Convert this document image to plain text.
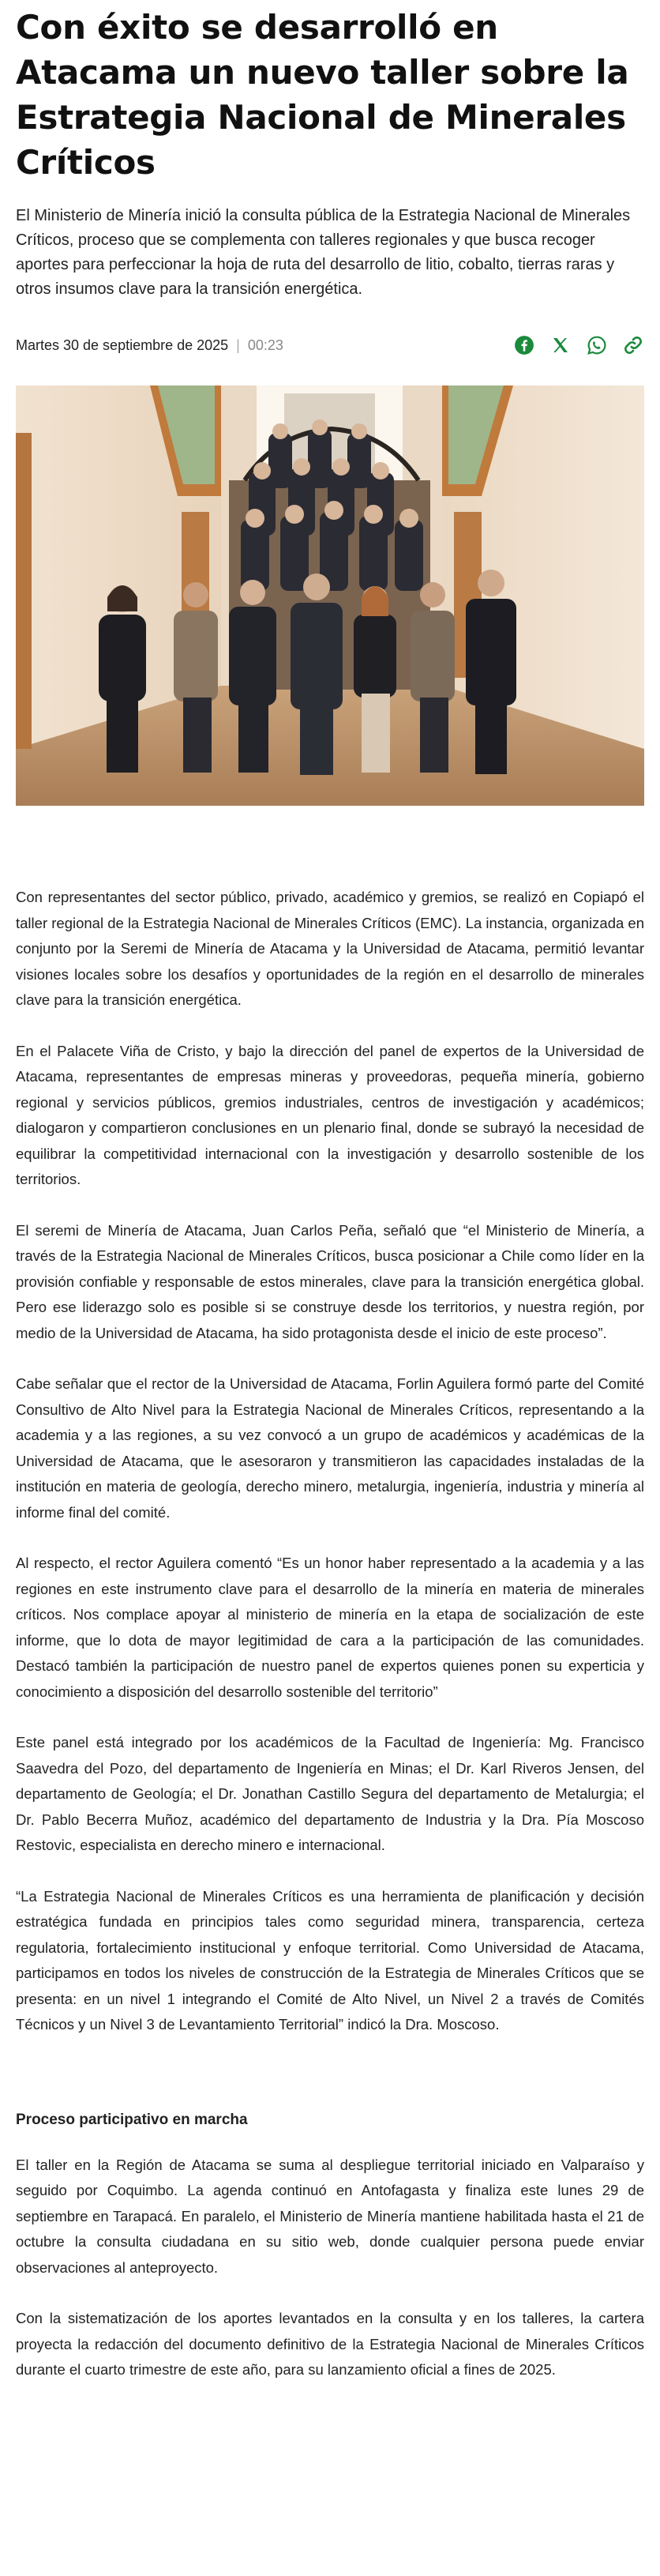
Con éxito se desarrolló en Atacama un nuevo taller sobre la Estrategia Nacional de Minerales Críticos

El Ministerio de Minería inició la consulta pública de la Estrategia Nacional de Minerales Críticos, proceso que se complementa con talleres regionales y que busca recoger aportes para perfeccionar la hoja de ruta del desarrollo de litio, cobalto, tierras raras y otros insumos clave para la transición energética.

Martes 30 de septiembre de 2025 | 00:23

Con representantes del sector público, privado, académico y gremios, se realizó en Copiapó el taller regional de la Estrategia Nacional de Minerales Críticos (EMC). La instancia, organizada en conjunto por la Seremi de Minería de Atacama y la Universidad de Atacama, permitió levantar visiones locales sobre los desafíos y oportunidades de la región en el desarrollo de minerales clave para la transición energética.

En el Palacete Viña de Cristo, y bajo la dirección del panel de expertos de la Universidad de Atacama, representantes de empresas mineras y proveedoras, pequeña minería, gobierno regional y servicios públicos, gremios industriales, centros de investigación y académicos; dialogaron y compartieron conclusiones en un plenario final, donde se subrayó la necesidad de equilibrar la competitividad internacional con la investigación y desarrollo sostenible de los territorios.

El seremi de Minería de Atacama, Juan Carlos Peña, señaló que “el Ministerio de Minería, a través de la Estrategia Nacional de Minerales Críticos, busca posicionar a Chile como líder en la provisión confiable y responsable de estos minerales, clave para la transición energética global. Pero ese liderazgo solo es posible si se construye desde los territorios, y nuestra región, por medio de la Universidad de Atacama, ha sido protagonista desde el inicio de este proceso”.

Cabe señalar que el rector de la Universidad de Atacama, Forlin Aguilera formó parte del Comité Consultivo de Alto Nivel para la Estrategia Nacional de Minerales Críticos, representando a la academia y a las regiones, a su vez convocó a un grupo de académicos y académicas de la Universidad de Atacama, que le asesoraron y transmitieron las capacidades instaladas de la institución en materia de geología, derecho minero, metalurgia, ingeniería, industria y minería al informe final del comité.

Al respecto, el rector Aguilera comentó “Es un honor haber representado a la academia y a las regiones en este instrumento clave para el desarrollo de la minería en materia de minerales críticos. Nos complace apoyar al ministerio de minería en la etapa de socialización de este informe, que lo dota de mayor legitimidad de cara a la participación de las comunidades. Destacó también la participación de nuestro panel de expertos quienes ponen su experticia y conocimiento a disposición del desarrollo sostenible del territorio”

Este panel está integrado por los académicos de la Facultad de Ingeniería: Mg. Francisco Saavedra del Pozo, del departamento de Ingeniería en Minas; el Dr. Karl Riveros Jensen, del departamento de Geología; el Dr. Jonathan Castillo Segura del departamento de Metalurgia; el Dr. Pablo Becerra Muñoz, académico del departamento de Industria y la Dra. Pía Moscoso Restovic, especialista en derecho minero e internacional.

“La Estrategia Nacional de Minerales Críticos es una herramienta de planificación y decisión estratégica fundada en principios tales como seguridad minera, transparencia, certeza regulatoria, fortalecimiento institucional y enfoque territorial. Como Universidad de Atacama, participamos en todos los niveles de construcción de la Estrategia de Minerales Críticos que se presenta: en un nivel 1 integrando el Comité de Alto Nivel, un Nivel 2 a través de Comités Técnicos y un Nivel 3 de Levantamiento Territorial” indicó la Dra. Moscoso.

Proceso participativo en marcha

El taller en la Región de Atacama se suma al despliegue territorial iniciado en Valparaíso y seguido por Coquimbo. La agenda continuó en Antofagasta y finaliza este lunes 29 de septiembre en Tarapacá. En paralelo, el Ministerio de Minería mantiene habilitada hasta el 21 de octubre la consulta ciudadana en su sitio web, donde cualquier persona puede enviar observaciones al anteproyecto.

Con la sistematización de los aportes levantados en la consulta y en los talleres, la cartera proyecta la redacción del documento definitivo de la Estrategia Nacional de Minerales Críticos durante el cuarto trimestre de este año, para su lanzamiento oficial a fines de 2025.
